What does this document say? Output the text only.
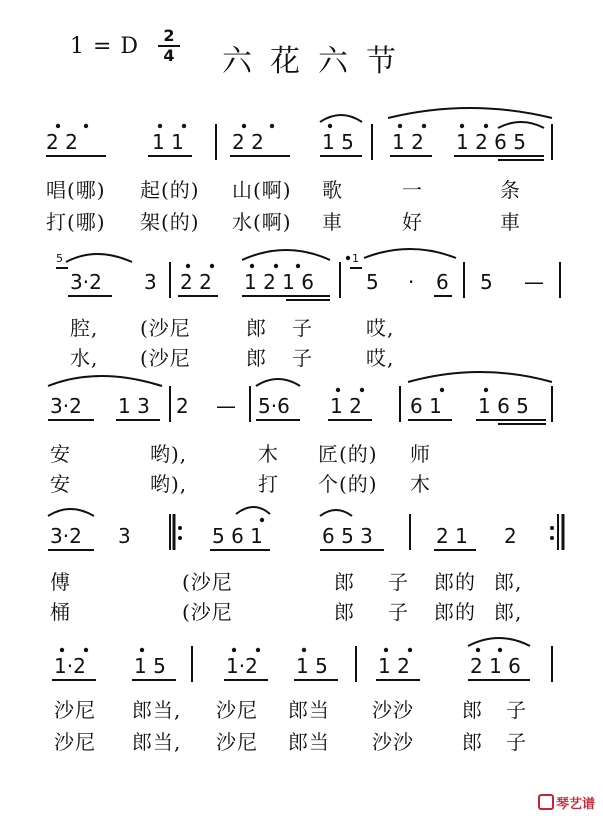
1 = D	2
4 六花六节
2 2	1 1 2 2	1 5 1 2 1 2 6 5
唱(哪) 起(的) 山(啊) 歌	一	条
打(哪) 架(的) 水(啊) 車	好	車
5	1
3·2 3 2 2 1 2 1 6	5 · 6 5 —
腔, (沙尼	郎 子	哎,
水, (沙尼	郎 子	哎,
3·2 1 3 2 — 5·6 1 2 6 1 1 6 5
安	哟),	木 匠(的) 师
安	哟),	打 个(的) 木
3·2 3	5 6 1	6 5 3	2 1 2
傅	(沙尼	郎 子 郎的 郎,
桶	(沙尼	郎 子 郎的 郎,
1·2 1 5	1·2 1 5	1 2	2 1 6
沙尼 郎当, 沙尼 郎当 沙沙 郎 子
沙尼 郎当, 沙尼 郎当 沙沙 郎 子
琴艺谱
